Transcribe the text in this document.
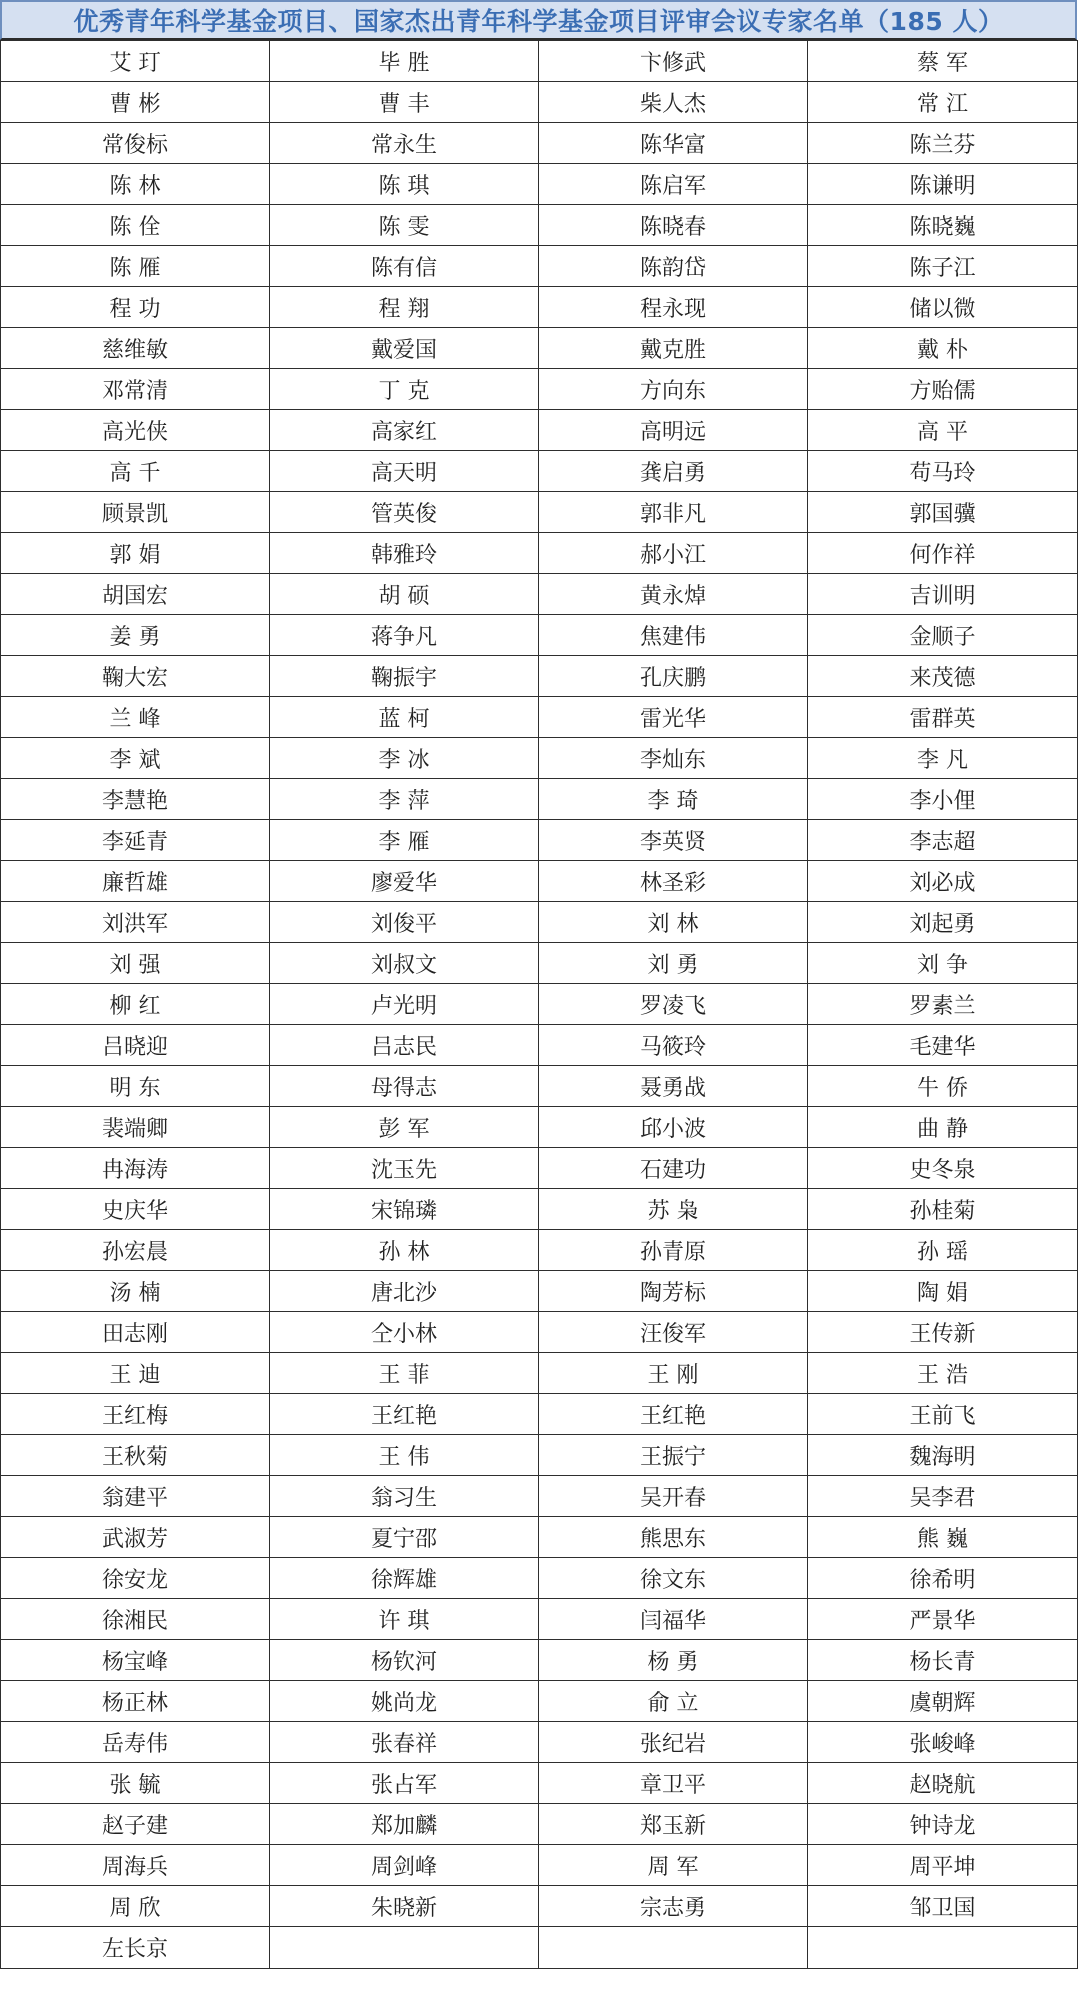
优秀青年科学基金项目、国家杰出青年科学基金项目评审会议专家名单（185 人）
艾 玎	毕 胜	卞修武	蔡 军
曹 彬	曹 丰	柴人杰	常 江
常俊标	常永生	陈华富	陈兰芬
陈 林	陈 琪	陈启军	陈谦明
陈 佺	陈 雯	陈晓春	陈晓巍
陈 雁	陈有信	陈韵岱	陈子江
程 功	程 翔	程永现	储以微
慈维敏	戴爱国	戴克胜	戴 朴
邓常清	丁 克	方向东	方贻儒
高光侠	高家红	高明远	高 平
高 千	高天明	龚启勇	苟马玲
顾景凯	管英俊	郭非凡	郭国骥
郭 娟	韩雅玲	郝小江	何作祥
胡国宏	胡 硕	黄永焯	吉训明
姜 勇	蒋争凡	焦建伟	金顺子
鞠大宏	鞠振宇	孔庆鹏	来茂德
兰 峰	蓝 柯	雷光华	雷群英
李 斌	李 冰	李灿东	李 凡
李慧艳	李 萍	李 琦	李小俚
李延青	李 雁	李英贤	李志超
廉哲雄	廖爱华	林圣彩	刘必成
刘洪军	刘俊平	刘 林	刘起勇
刘 强	刘叔文	刘 勇	刘 争
柳 红	卢光明	罗凌飞	罗素兰
吕晓迎	吕志民	马筱玲	毛建华
明 东	母得志	聂勇战	牛 侨
裴端卿	彭 军	邱小波	曲 静
冉海涛	沈玉先	石建功	史冬泉
史庆华	宋锦璘	苏 枭	孙桂菊
孙宏晨	孙 林	孙青原	孙 瑶
汤 楠	唐北沙	陶芳标	陶 娟
田志刚	仝小林	汪俊军	王传新
王 迪	王 菲	王 刚	王 浩
王红梅	王红艳	王红艳	王前飞
王秋菊	王 伟	王振宁	魏海明
翁建平	翁习生	吴开春	吴李君
武淑芳	夏宁邵	熊思东	熊 巍
徐安龙	徐辉雄	徐文东	徐希明
徐湘民	许 琪	闫福华	严景华
杨宝峰	杨钦河	杨 勇	杨长青
杨正林	姚尚龙	俞 立	虞朝辉
岳寿伟	张春祥	张纪岩	张峻峰
张 毓	张占军	章卫平	赵晓航
赵子建	郑加麟	郑玉新	钟诗龙
周海兵	周剑峰	周 军	周平坤
周 欣	朱晓新	宗志勇	邹卫国
左长京			
